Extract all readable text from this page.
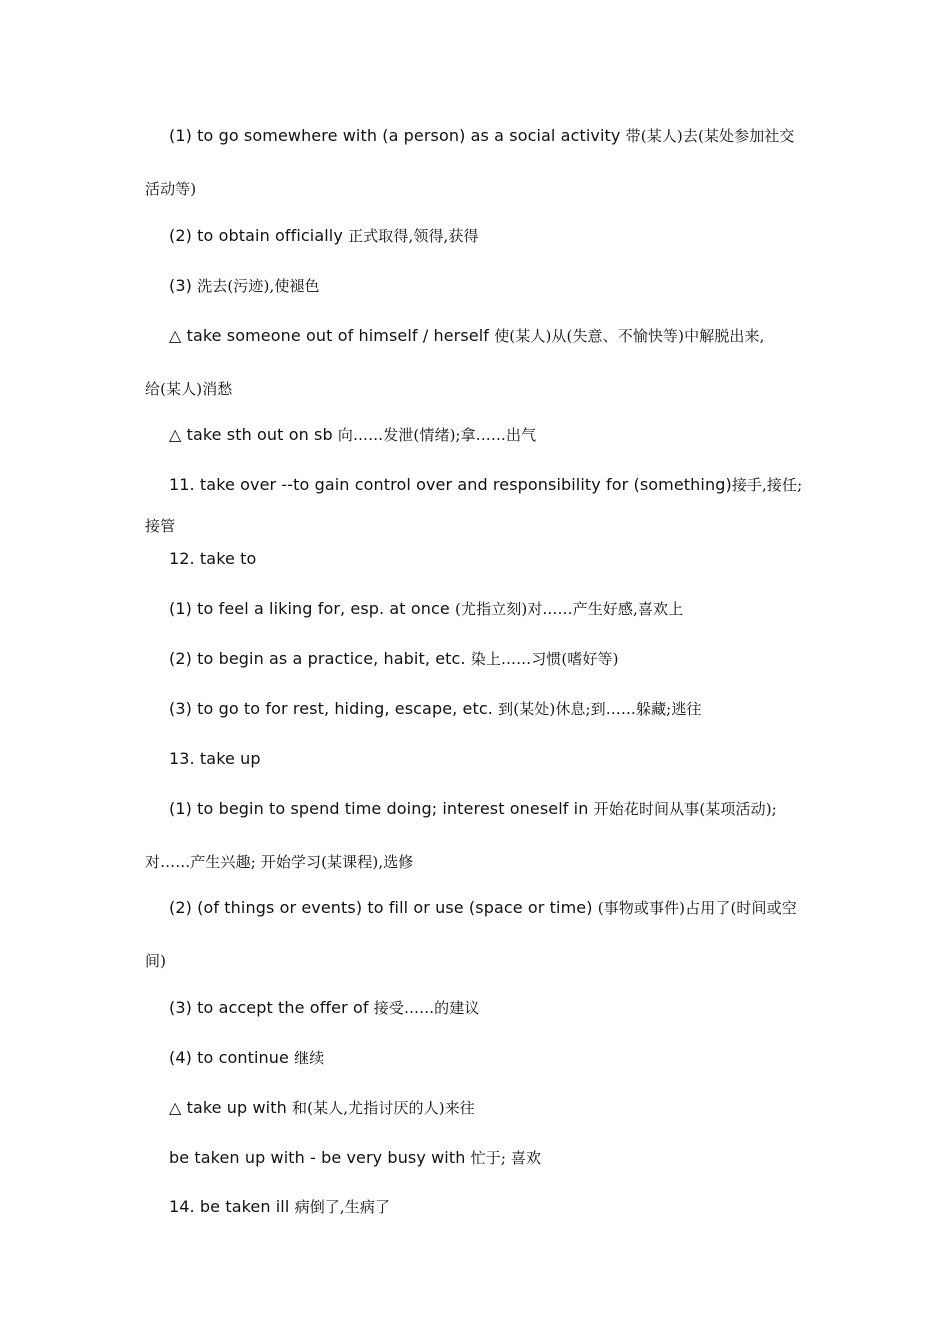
(1) to go somewhere with (a person) as a social activity 带(某人)去(某处参加社交
活动等)
(2) to obtain officially 正式取得,领得,获得
(3) 洗去(污迹),使褪色
△ take someone out of himself / herself 使(某人)从(失意、不愉快等)中解脱出来,
给(某人)消愁
△ take sth out on sb 向……发泄(情绪);拿……出气
11. take over --to gain control over and responsibility for (something)接手,接任;
接管
12. take to
(1) to feel a liking for, esp. at once (尤指立刻)对……产生好感,喜欢上
(2) to begin as a practice, habit, etc. 染上……习惯(嗜好等)
(3) to go to for rest, hiding, escape, etc. 到(某处)休息;到……躲藏;逃往
13. take up
(1) to begin to spend time doing; interest oneself in 开始花时间从事(某项活动);
对……产生兴趣; 开始学习(某课程),选修
(2) (of things or events) to fill or use (space or time) (事物或事件)占用了(时间或空
间)
(3) to accept the offer of 接受……的建议
(4) to continue 继续
△ take up with 和(某人,尤指讨厌的人)来往
be taken up with - be very busy with 忙于; 喜欢
14. be taken ill 病倒了,生病了
